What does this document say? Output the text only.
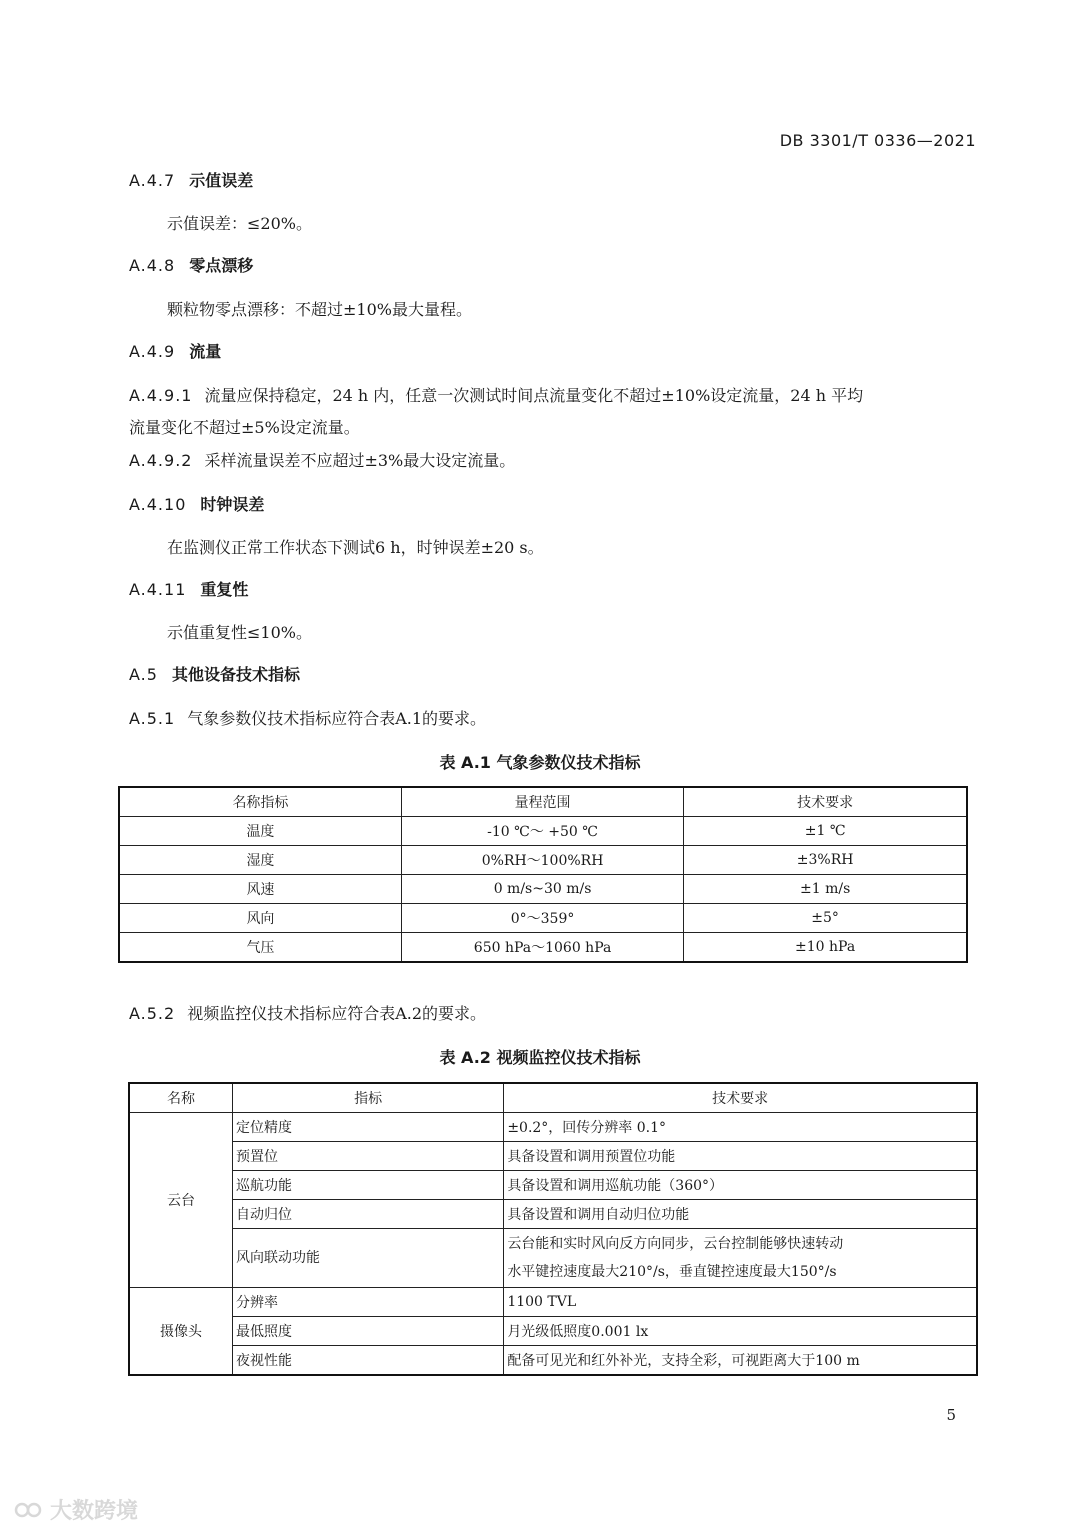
DB 3301/T 0336—2021
A.4.7 示值误差
示值误差：≤20%。
A.4.8 零点漂移
颗粒物零点漂移：不超过±10%最大量程。
A.4.9 流量
A.4.9.1 流量应保持稳定，24 h 内，任意一次测试时间点流量变化不超过±10%设定流量，24 h 平均
流量变化不超过±5%设定流量。
A.4.9.2 采样流量误差不应超过±3%最大设定流量。
A.4.10 时钟误差
在监测仪正常工作状态下测试6 h，时钟误差±20 s。
A.4.11 重复性
示值重复性≤10%。
A.5 其他设备技术指标
A.5.1 气象参数仪技术指标应符合表A.1的要求。
表 A.1 气象参数仪技术指标
名称指标	量程范围	技术要求
温度	-10 ℃～ +50 ℃	±1 ℃
湿度	0%RH～100%RH	±3%RH
风速	0 m/s~30 m/s	±1 m/s
风向	0°～359°	±5°
气压	650 hPa～1060 hPa	±10 hPa
A.5.2 视频监控仪技术指标应符合表A.2的要求。
表 A.2 视频监控仪技术指标
名称	指标	技术要求
云台	定位精度	±0.2°，回传分辨率 0.1°
	预置位	具备设置和调用预置位功能
	巡航功能	具备设置和调用巡航功能（360°）
	自动归位	具备设置和调用自动归位功能
	风向联动功能	云台能和实时风向反方向同步，云台控制能够快速转动
水平键控速度最大210°/s，垂直键控速度最大150°/s

摄像头	分辨率	1100 TVL
	最低照度	月光级低照度0.001 lx
	夜视性能	配备可见光和红外补光，支持全彩，可视距离大于100 m
5
大数跨境
